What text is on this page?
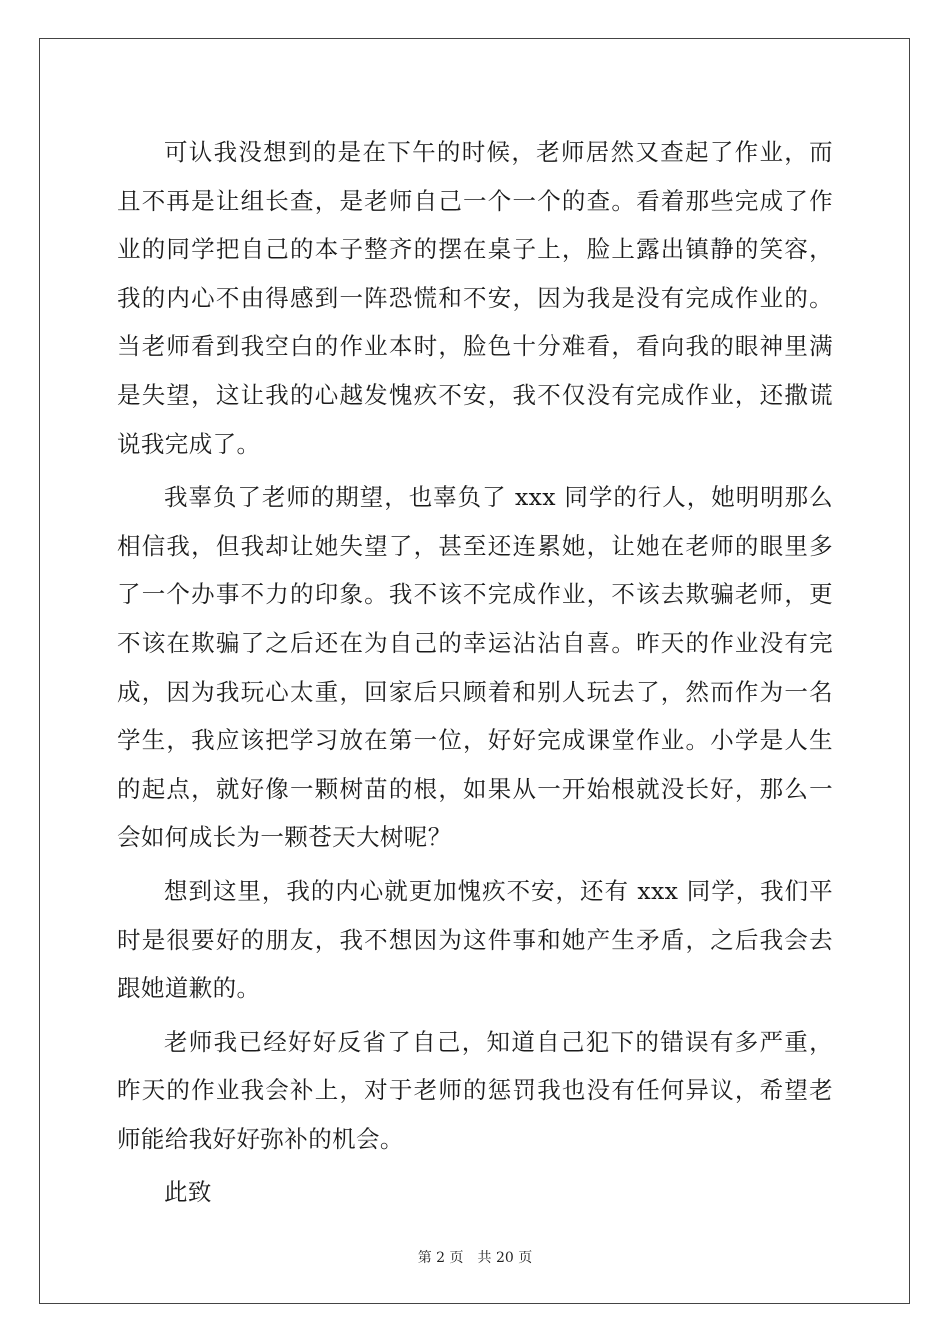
可认我没想到的是在下午的时候，老师居然又查起了作业，而且不再是让组长查，是老师自己一个一个的查。看着那些完成了作业的同学把自己的本子整齐的摆在桌子上，脸上露出镇静的笑容，我的内心不由得感到一阵恐慌和不安，因为我是没有完成作业的。当老师看到我空白的作业本时，脸色十分难看，看向我的眼神里满是失望，这让我的心越发愧疚不安，我不仅没有完成作业，还撒谎说我完成了。

我辜负了老师的期望，也辜负了 xxx 同学的行人，她明明那么相信我，但我却让她失望了，甚至还连累她，让她在老师的眼里多了一个办事不力的印象。我不该不完成作业，不该去欺骗老师，更不该在欺骗了之后还在为自己的幸运沾沾自喜。昨天的作业没有完成，因为我玩心太重，回家后只顾着和别人玩去了，然而作为一名学生，我应该把学习放在第一位，好好完成课堂作业。小学是人生的起点，就好像一颗树苗的根，如果从一开始根就没长好，那么一会如何成长为一颗苍天大树呢？

想到这里，我的内心就更加愧疚不安，还有 xxx 同学，我们平时是很要好的朋友，我不想因为这件事和她产生矛盾，之后我会去跟她道歉的。

老师我已经好好反省了自己，知道自己犯下的错误有多严重，昨天的作业我会补上，对于老师的惩罚我也没有任何异议，希望老师能给我好好弥补的机会。

此致

第 2 页 共 20 页
